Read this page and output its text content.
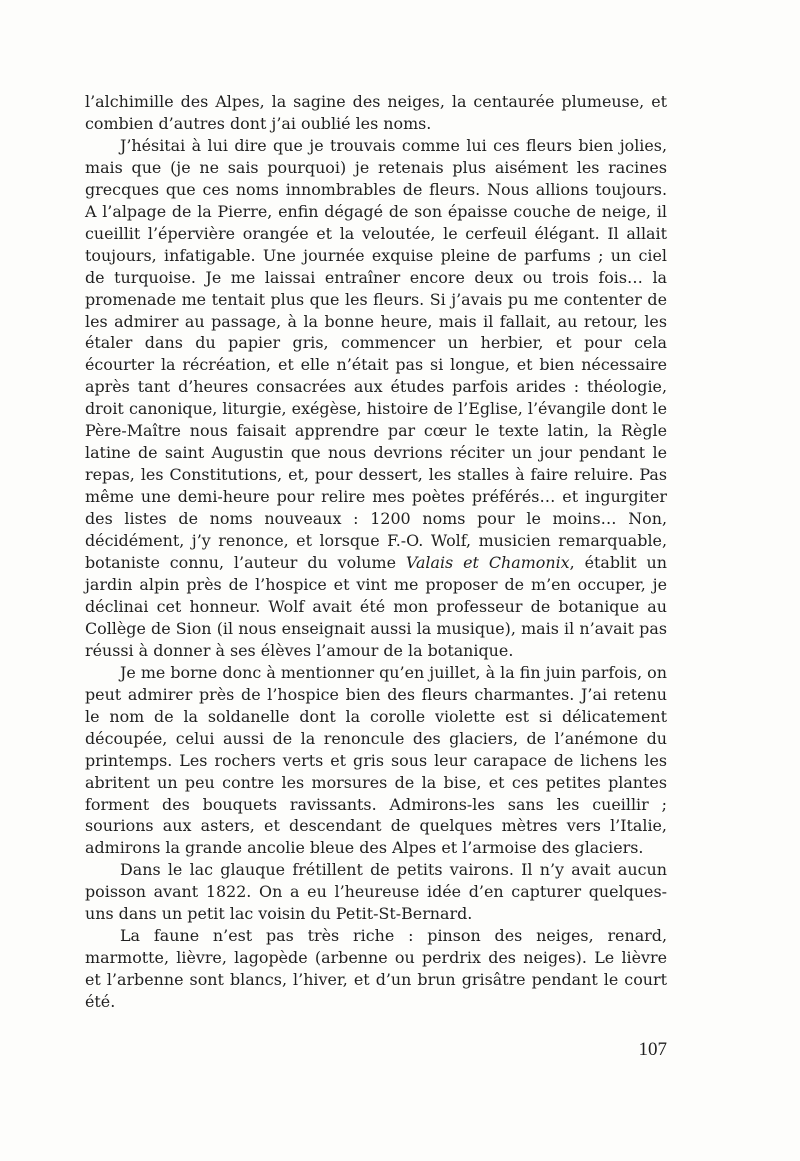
l’alchimille des Alpes, la sagine des neiges, la centaurée plumeuse, et combien d’autres dont j’ai oublié les noms.

J’hésitai à lui dire que je trouvais comme lui ces fleurs bien jolies, mais que (je ne sais pourquoi) je retenais plus aisément les racines grecques que ces noms innombrables de fleurs. Nous allions toujours. A l’alpage de la Pierre, enfin dégagé de son épaisse couche de neige, il cueillit l’épervière orangée et la veloutée, le cerfeuil élégant. Il allait toujours, infatigable. Une journée exquise pleine de parfums ; un ciel de turquoise. Je me laissai entraîner encore deux ou trois fois… la promenade me tentait plus que les fleurs. Si j’avais pu me contenter de les admirer au passage, à la bonne heure, mais il fallait, au retour, les étaler dans du papier gris, commencer un herbier, et pour cela écourter la récréation, et elle n’était pas si longue, et bien nécessaire après tant d’heures consacrées aux études parfois arides : théologie, droit canonique, liturgie, exégèse, histoire de l’Eglise, l’évangile dont le Père-Maître nous faisait apprendre par cœur le texte latin, la Règle latine de saint Augustin que nous devrions réciter un jour pendant le repas, les Constitutions, et, pour dessert, les stalles à faire reluire. Pas même une demi-heure pour relire mes poètes préférés… et ingurgiter des listes de noms nouveaux : 1200 noms pour le moins… Non, décidément, j’y renonce, et lorsque F.-O. Wolf, musicien remarquable, botaniste connu, l’auteur du volume Valais et Chamonix, établit un jardin alpin près de l’hospice et vint me proposer de m’en occuper, je déclinai cet honneur. Wolf avait été mon professeur de botanique au Collège de Sion (il nous enseignait aussi la musique), mais il n’avait pas réussi à donner à ses élèves l’amour de la botanique.

Je me borne donc à mentionner qu’en juillet, à la fin juin parfois, on peut admirer près de l’hospice bien des fleurs charmantes. J’ai retenu le nom de la soldanelle dont la corolle violette est si délicatement découpée, celui aussi de la renoncule des glaciers, de l’anémone du printemps. Les rochers verts et gris sous leur carapace de lichens les abritent un peu contre les morsures de la bise, et ces petites plantes forment des bouquets ravissants. Admirons-les sans les cueillir ; sourions aux asters, et descendant de quelques mètres vers l’Italie, admirons la grande ancolie bleue des Alpes et l’armoise des glaciers.

Dans le lac glauque frétillent de petits vairons. Il n’y avait aucun poisson avant 1822. On a eu l’heureuse idée d’en capturer quelques-uns dans un petit lac voisin du Petit-St-Bernard.

La faune n’est pas très riche : pinson des neiges, renard, marmotte, lièvre, lagopède (arbenne ou perdrix des neiges). Le lièvre et l’arbenne sont blancs, l’hiver, et d’un brun grisâtre pendant le court été.

107
